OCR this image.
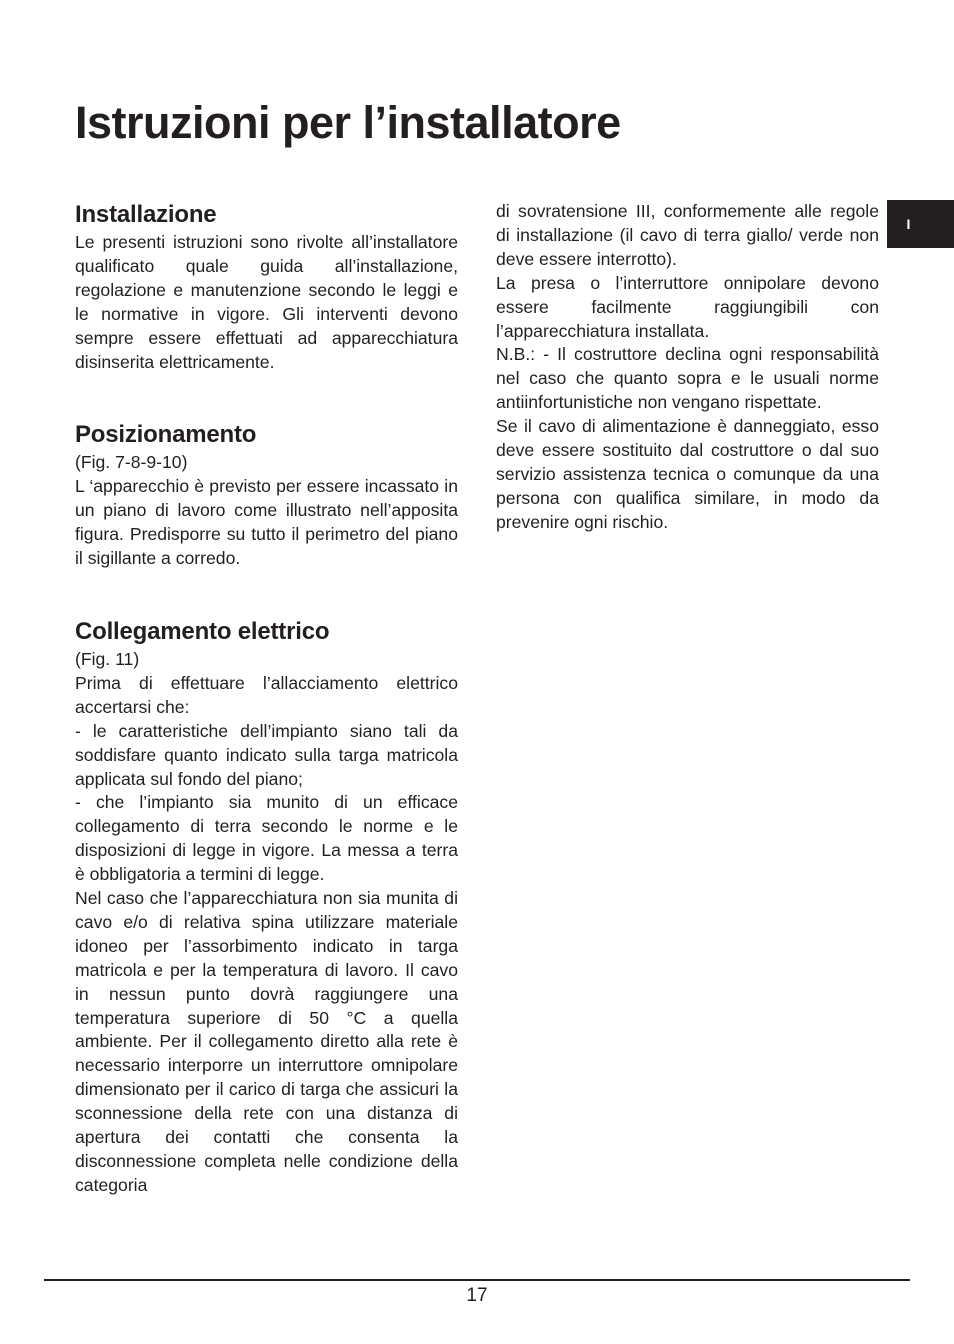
Istruzioni per l’installatore
I
Installazione

Le presenti istruzioni sono rivolte all’installatore qualificato quale guida all’installazione, regolazione e manutenzione secondo le leggi e le normative in vigore. Gli interventi devono sempre essere effettuati ad apparecchiatura disinserita elettricamente.

Posizionamento

(Fig. 7-8-9-10)

L ‘apparecchio è previsto per essere incassato in un piano di lavoro come illustrato nell’apposita figura. Predisporre su tutto il perimetro del piano il sigillante a corredo.

Collegamento elettrico

(Fig. 11)

Prima di effettuare l’allacciamento elettrico accertarsi che:

- le caratteristiche dell’impianto siano tali da soddisfare quanto indicato sulla targa matricola applicata sul fondo del piano;

- che l’impianto sia munito di un efficace collegamento di terra secondo le norme e le disposizioni di legge in vigore. La messa a terra è obbligatoria a termini di legge.

Nel caso che l’apparecchiatura non sia munita di cavo e/o di relativa spina utilizzare materiale idoneo per l’assorbimento indicato in targa matricola e per la temperatura di lavoro. Il cavo in nessun punto dovrà raggiungere una temperatura superiore di 50 °C a quella ambiente. Per il collegamento diretto alla rete è necessario interporre un interruttore omnipolare dimensionato per il carico di targa che assicuri la sconnessione della rete con una distanza di apertura dei contatti che consenta la disconnessione completa nelle condizione della categoria

di sovratensione III, conformemente alle regole di installazione (il cavo di terra giallo/ verde non deve essere interrotto).

La presa o l’interruttore onnipolare devono essere facilmente raggiungibili con l’apparecchiatura installata.

N.B.: - Il costruttore declina ogni responsabilità nel caso che quanto sopra e le usuali norme antiinfortunistiche non vengano rispettate.

Se il cavo di alimentazione è danneggiato, esso deve essere sostituito dal costruttore o dal suo servizio assistenza tecnica o comunque da una persona con qualifica similare, in modo da prevenire ogni rischio.

17
